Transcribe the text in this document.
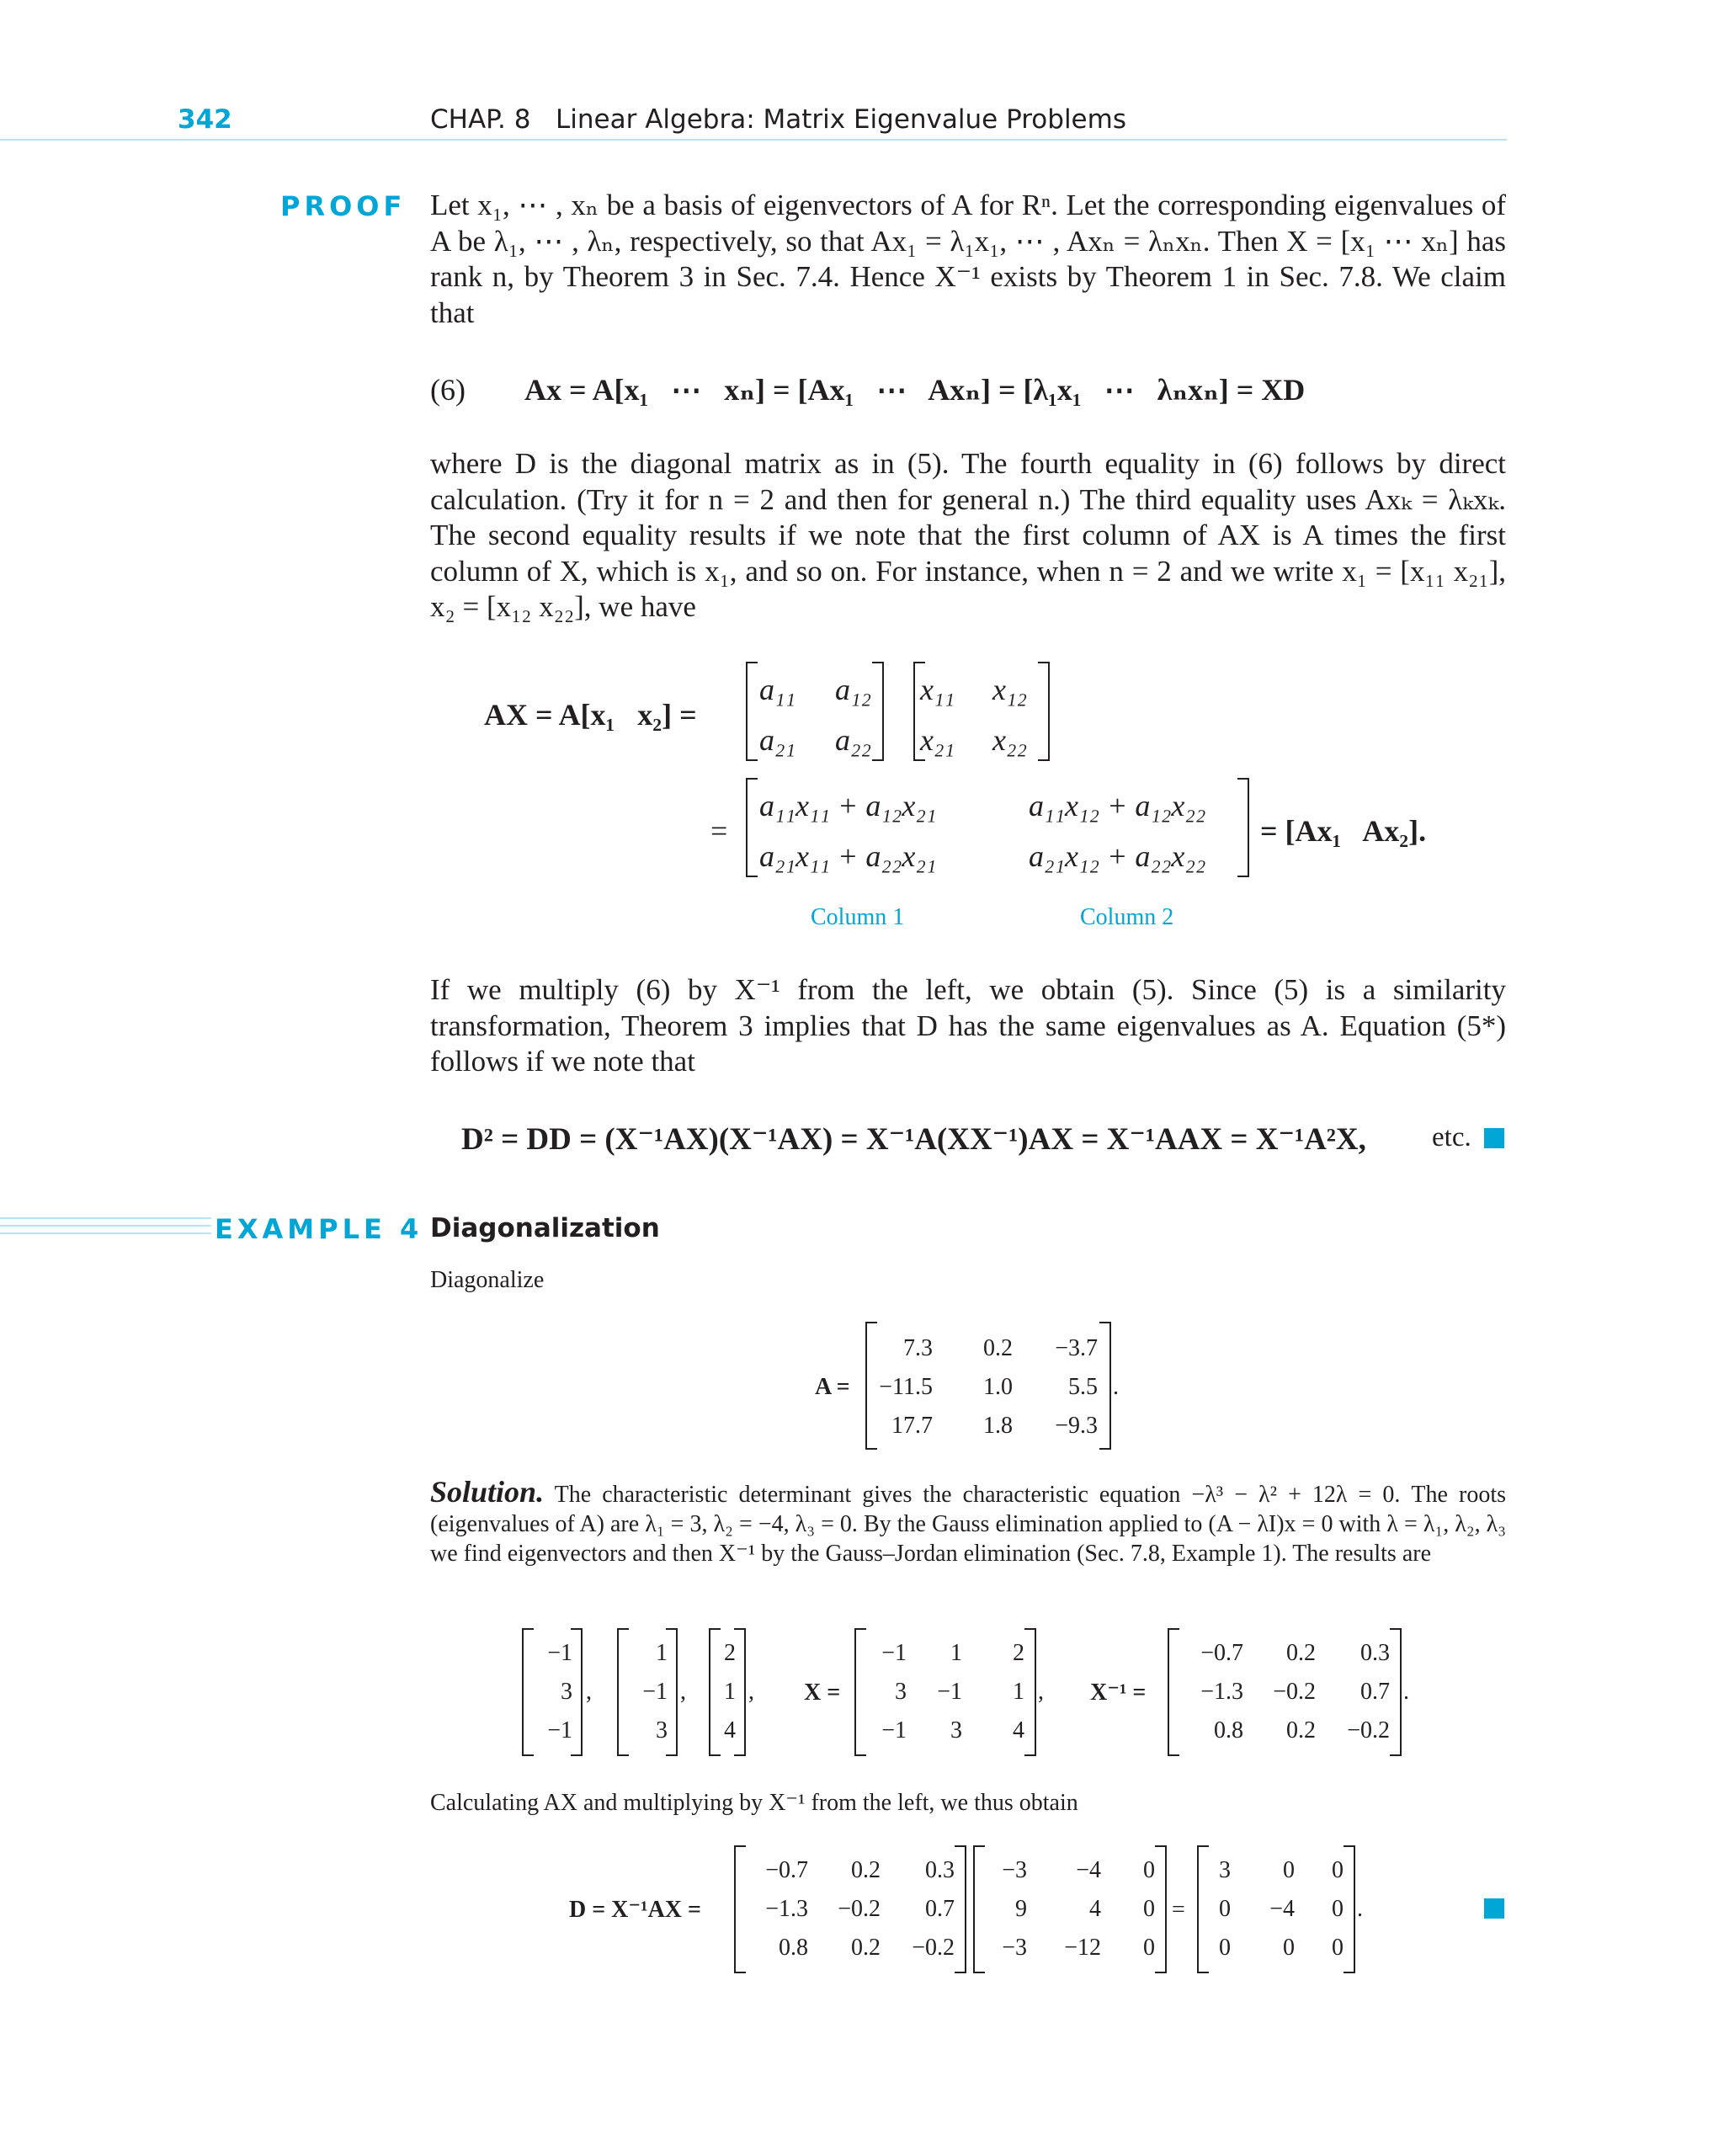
342	CHAP. 8   Linear Algebra: Matrix Eigenvalue Problems
PROOF Let x₁, ⋯ , xₙ be a basis of eigenvectors of A for Rⁿ. Let the corresponding eigenvalues of A be λ₁, ⋯ , λₙ, respectively, so that Ax₁ = λ₁x₁, ⋯ , Axₙ = λₙxₙ. Then X = [x₁ ⋯ xₙ] has rank n, by Theorem 3 in Sec. 7.4. Hence X⁻¹ exists by Theorem 1 in Sec. 7.8. We claim that
(6) Ax = A[x₁   ⋯   xₙ] = [Ax₁   ⋯   Axₙ] = [λ₁x₁   ⋯   λₙxₙ] = XD
where D is the diagonal matrix as in (5). The fourth equality in (6) follows by direct calculation. (Try it for n = 2 and then for general n.) The third equality uses Axₖ = λₖxₖ. The second equality results if we note that the first column of AX is A times the first column of X, which is x₁, and so on. For instance, when n = 2 and we write x₁ = [x₁₁ x₂₁], x₂ = [x₁₂ x₂₂], we have
AX = A[x₁   x₂] =
a₁₁ a₁₂
a₂₁ a₂₂
x₁₁ x₁₂
x₂₁ x₂₂
=
a₁₁x₁₁ + a₁₂x₂₁	a₁₁x₁₂ + a₁₂x₂₂
a₂₁x₁₁ + a₂₂x₂₁	a₂₁x₁₂ + a₂₂x₂₂
= [Ax₁   Ax₂].
Column 1	Column 2
If we multiply (6) by X⁻¹ from the left, we obtain (5). Since (5) is a similarity transformation, Theorem 3 implies that D has the same eigenvalues as A. Equation (5*) follows if we note that
D² = DD = (X⁻¹AX)(X⁻¹AX) = X⁻¹A(XX⁻¹)AX = X⁻¹AAX = X⁻¹A²X, etc.
EXAMPLE 4 Diagonalization
Diagonalize
A =
7.3 0.2 −3.7
−11.5 1.0 5.5
17.7 1.8 −9.3
.
Solution. The characteristic determinant gives the characteristic equation −λ³ − λ² + 12λ = 0. The roots (eigenvalues of A) are λ₁ = 3, λ₂ = −4, λ₃ = 0. By the Gauss elimination applied to (A − λI)x = 0 with λ = λ₁, λ₂, λ₃ we find eigenvectors and then X⁻¹ by the Gauss–Jordan elimination (Sec. 7.8, Example 1). The results are
−1
3
−1
,
1
−1
3
,
2
1
4
, X =
−1 1 2
3 −1 1
−1 3 4
, X⁻¹ =
−0.7 0.2 0.3
−1.3 −0.2 0.7
0.8 0.2 −0.2
.
Calculating AX and multiplying by X⁻¹ from the left, we thus obtain
D = X⁻¹AX =
−0.7 0.2 0.3
−1.3 −0.2 0.7
0.8 0.2 −0.2
−3 −4 0
9	4 0
−3 −12 0
=
3 0 0
0 −4 0
0 0 0
.
